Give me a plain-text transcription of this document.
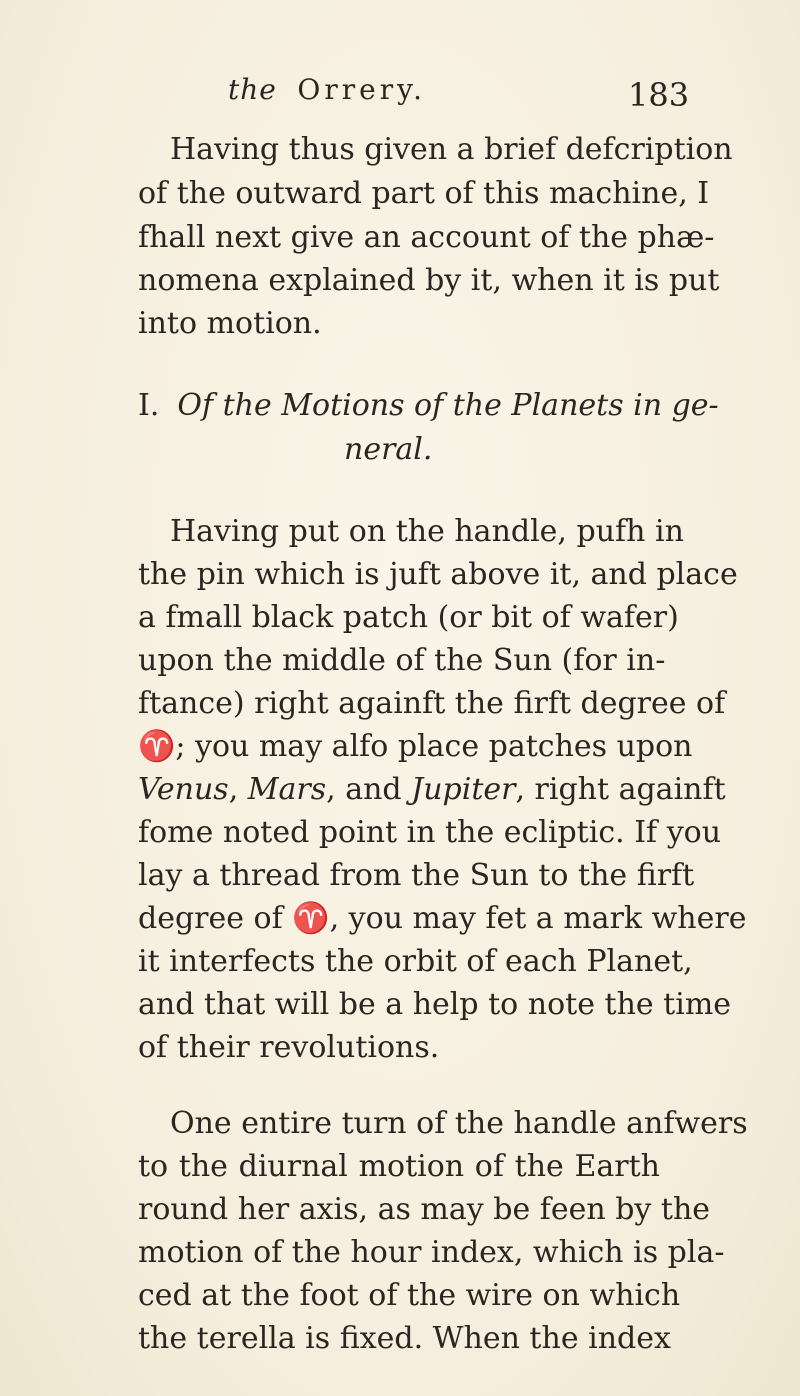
the Orrery.	183
Having thus given a brief defcription
of the outward part of this machine, I
fhall next give an account of the phæ-
nomena explained by it, when it is put
into motion.
I. Of the Motions of the Planets in ge-
neral.
Having put on the handle, pufh in
the pin which is juft above it, and place
a fmall black patch (or bit of wafer)
upon the middle of the Sun (for in-
ftance) right againft the firft degree of
♈; you may alfo place patches upon
Venus, Mars, and Jupiter, right againft
fome noted point in the ecliptic. If you
lay a thread from the Sun to the firft
degree of ♈, you may fet a mark where
it interfects the orbit of each Planet,
and that will be a help to note the time
of their revolutions.
One entire turn of the handle anfwers
to the diurnal motion of the Earth
round her axis, as may be feen by the
motion of the hour index, which is pla-
ced at the foot of the wire on which
the terella is fixed. When the index
